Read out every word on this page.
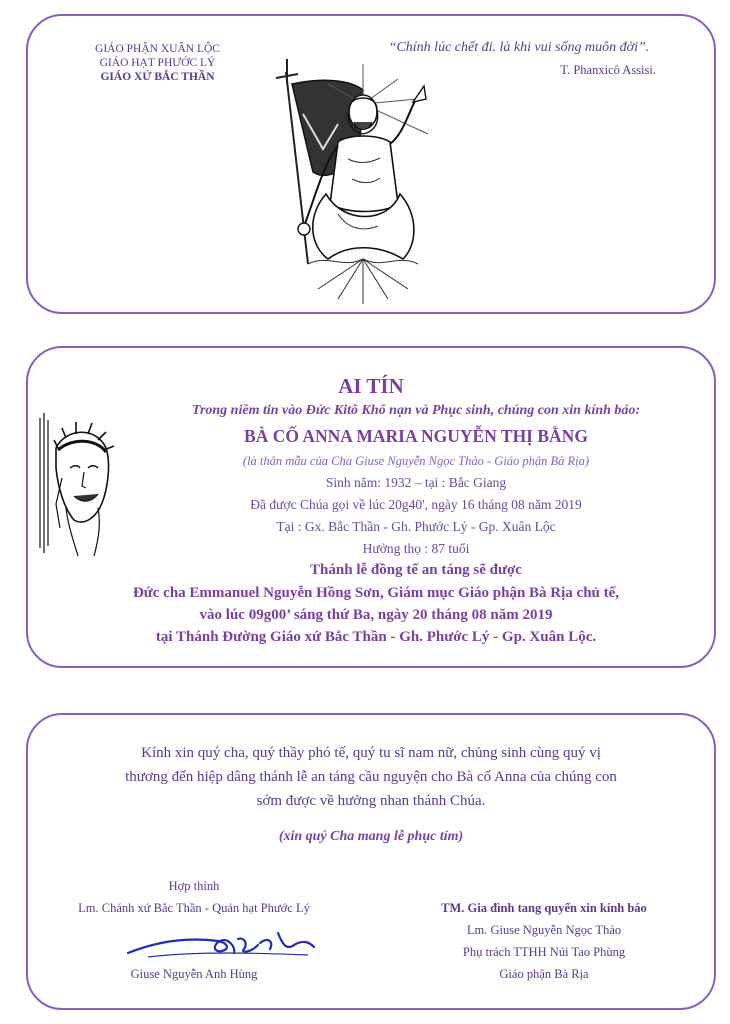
GIÁO PHẬN XUÂN LỘC
GIÁO HẠT PHƯỚC LÝ
GIÁO XỨ BẮC THẦN
“Chính lúc chết đi. là khi vui sống muôn đời”.
T. Phanxicô Assisi.
AI TÍN
Trong niềm tin vào Đức Kitô Khổ nạn và Phục sinh, chúng con xin kính báo:
BÀ CỐ ANNA MARIA NGUYỄN THỊ BẰNG
(là thân mẫu của Cha Giuse Nguyễn Ngọc Thảo - Giáo phận Bà Rịa)
Sinh năm: 1932 – tại : Bắc Giang
Đã được Chúa gọi về lúc 20g40', ngày 16 tháng 08 năm 2019
Tại : Gx. Bắc Thần - Gh. Phước Lý - Gp. Xuân Lộc
Hưởng thọ : 87 tuổi
Thánh lễ đồng tế an táng sẽ được
Đức cha Emmanuel Nguyễn Hồng Sơn, Giám mục Giáo phận Bà Rịa chủ tế,
vào lúc 09g00’ sáng thứ Ba, ngày 20 tháng 08 năm 2019
tại Thánh Đường Giáo xứ Bắc Thần - Gh. Phước Lý - Gp. Xuân Lộc.
Kính xin quý cha, quý thầy phó tế, quý tu sĩ nam nữ, chủng sinh cùng quý vị
thương đến hiệp dâng thánh lễ an táng cầu nguyện cho Bà cố Anna của chúng con
sớm được về hưởng nhan thánh Chúa.
(xin quý Cha mang lễ phục tím)
Hợp thỉnh
Lm. Chánh xứ Bắc Thần - Quản hạt Phước Lý
Giuse Nguyễn Anh Hùng
TM. Gia đình tang quyến xin kính báo
Lm. Giuse Nguyễn Ngọc Thảo
Phụ trách TTHH Núi Tao Phùng
Giáo phận Bà Rịa
